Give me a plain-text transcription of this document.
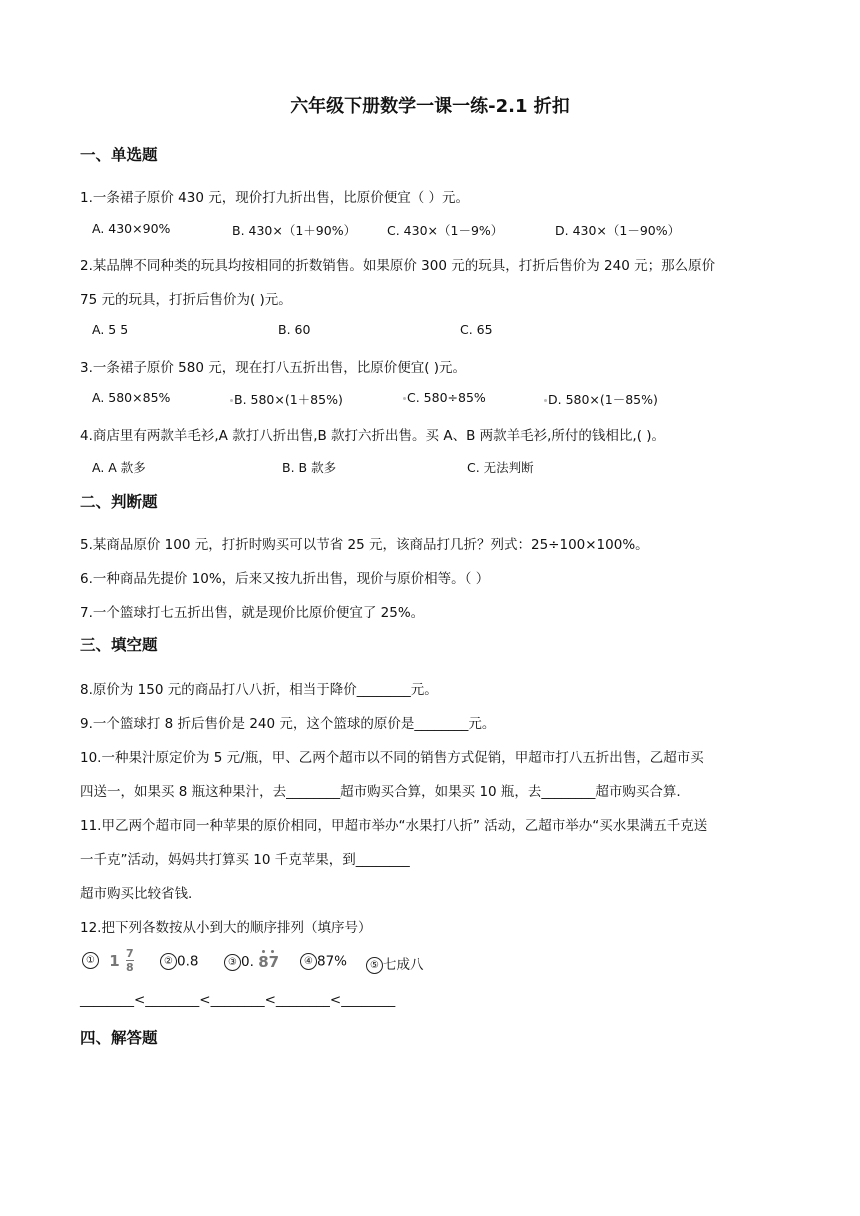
六年级下册数学一课一练-2.1 折扣
一、单选题
1.一条裙子原价 430 元，现价打九折出售，比原价便宜（ ）元。
A. 430×90%	B. 430×（1＋90%） C. 430×（1－9%）	D. 430×（1－90%）
2.某品牌不同种类的玩具均按相同的折数销售。如果原价 300 元的玩具，打折后售价为 240 元；那么原价
75 元的玩具，打折后售价为( )元。
A. 5 5	B. 60	C. 65
3.一条裙子原价 580 元，现在打八五折出售，比原价便宜( )元。
A. 580×85%	B. 580×(1＋85%)	C. 580÷85%	D. 580×(1－85%)
4.商店里有两款羊毛衫,A 款打八折出售,B 款打六折出售。买 A、B 两款羊毛衫,所付的钱相比,( )。
A. A 款多	B. B 款多	C. 无法判断
二、判断题
5.某商品原价 100 元，打折时购买可以节省 25 元，该商品打几折？列式：25÷100×100%。
6.一种商品先提价 10%，后来又按九折出售，现价与原价相等。（ ）
7.一个篮球打七五折出售，就是现价比原价便宜了 25%。
三、填空题
8.原价为 150 元的商品打八八折，相当于降价________元。
9.一个篮球打 8 折后售价是 240 元，这个篮球的原价是________元。
10.一种果汁原定价为 5 元/瓶，甲、乙两个超市以不同的销售方式促销，甲超市打八五折出售，乙超市买
四送一，如果买 8 瓶这种果汁，去________超市购买合算，如果买 10 瓶，去________超市购买合算.
11.甲乙两个超市同一种苹果的原价相同，甲超市举办“水果打八折” 活动，乙超市举办“买水果满五千克送
一千克”活动，妈妈共打算买 10 千克苹果，到________
超市购买比较省钱.
12.把下列各数按从小到大的顺序排列（填序号）
① $1 \frac{7}{8}$	② 0.8	③ 0. 87	④ 87%	⑤ 七成八
________<________<________<________<________
四、解答题
